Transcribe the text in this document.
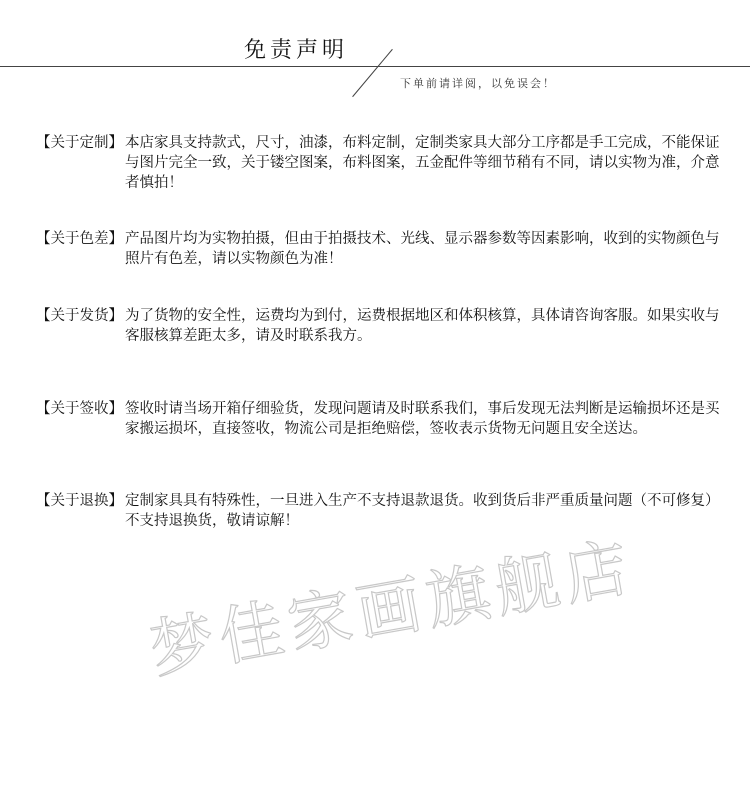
免责声明
下单前请详阅，以免误会！
【关于定制】 本店家具支持款式，尺寸，油漆，布料定制，定制类家具大部分工序都是手工完成，不能保证与图片完全一致，关于镂空图案，布料图案，五金配件等细节稍有不同，请以实物为准，介意者慎拍！
【关于色差】 产品图片均为实物拍摄，但由于拍摄技术、光线、显示器参数等因素影响，收到的实物颜色与照片有色差，请以实物颜色为准！
【关于发货】 为了货物的安全性，运费均为到付，运费根据地区和体积核算，具体请咨询客服。如果实收与客服核算差距太多，请及时联系我方。
【关于签收】 签收时请当场开箱仔细验货，发现问题请及时联系我们，事后发现无法判断是运输损坏还是买家搬运损坏，直接签收，物流公司是拒绝赔偿，签收表示货物无问题且安全送达。
【关于退换】 定制家具具有特殊性，一旦进入生产不支持退款退货。收到货后非严重质量问题（不可修复）不支持退换货，敬请谅解！
梦佳家画旗舰店
